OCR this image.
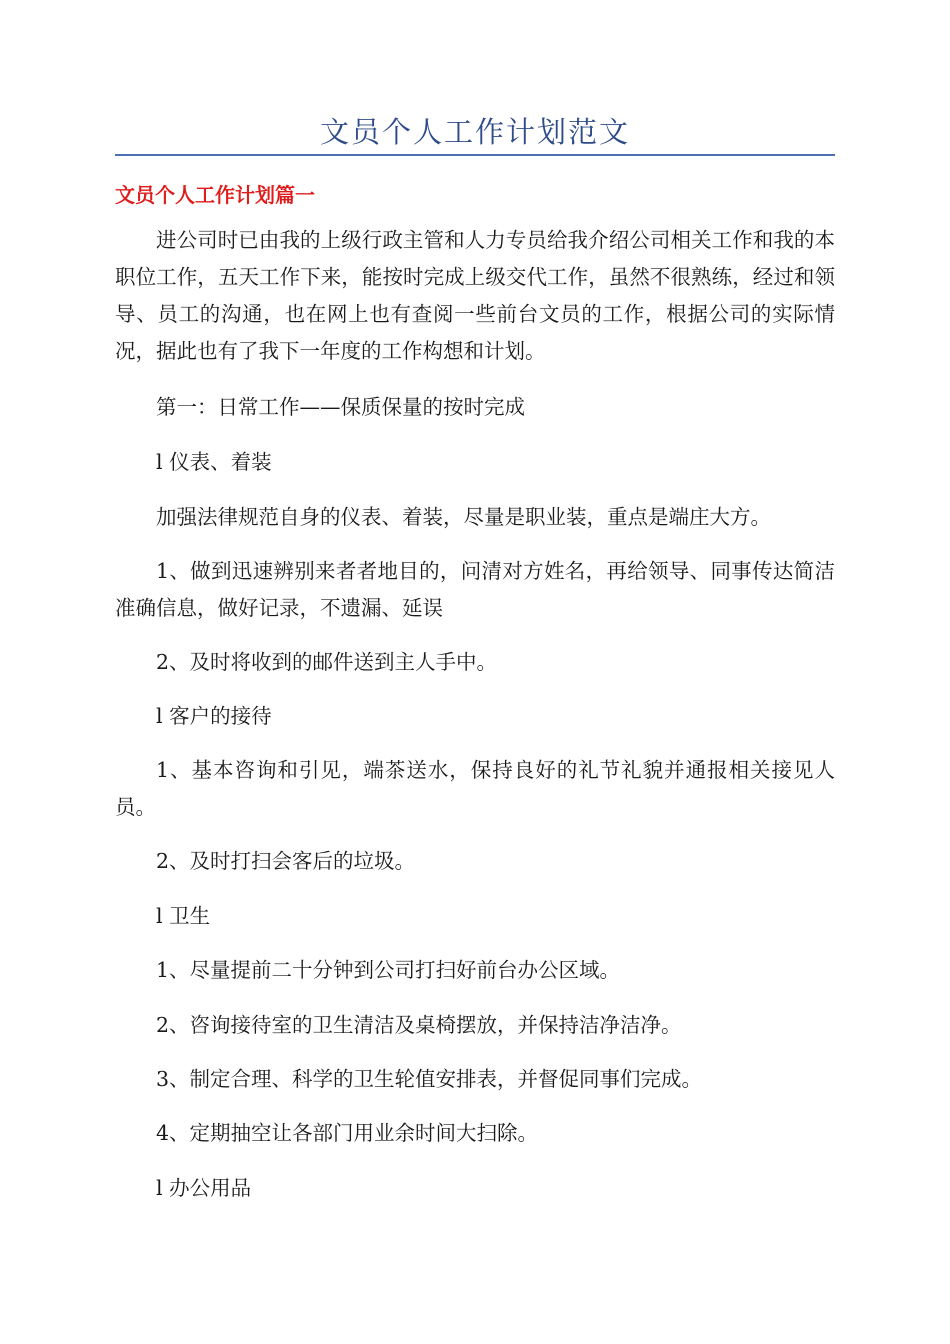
文员个人工作计划范文
文员个人工作计划篇一

进公司时已由我的上级行政主管和人力专员给我介绍公司相关工作和我的本职位工作，五天工作下来，能按时完成上级交代工作，虽然不很熟练，经过和领导、员工的沟通，也在网上也有查阅一些前台文员的工作，根据公司的实际情况，据此也有了我下一年度的工作构想和计划。

第一：日常工作——保质保量的按时完成

l 仪表、着装

加强法律规范自身的仪表、着装，尽量是职业装，重点是端庄大方。

1、做到迅速辨别来者者地目的，问清对方姓名，再给领导、同事传达简洁准确信息，做好记录，不遗漏、延误

2、及时将收到的邮件送到主人手中。

l 客户的接待

1、基本咨询和引见，端茶送水，保持良好的礼节礼貌并通报相关接见人员。

2、及时打扫会客后的垃圾。

l 卫生

1、尽量提前二十分钟到公司打扫好前台办公区域。

2、咨询接待室的卫生清洁及桌椅摆放，并保持洁净洁净。

3、制定合理、科学的卫生轮值安排表，并督促同事们完成。

4、定期抽空让各部门用业余时间大扫除。

l 办公用品
